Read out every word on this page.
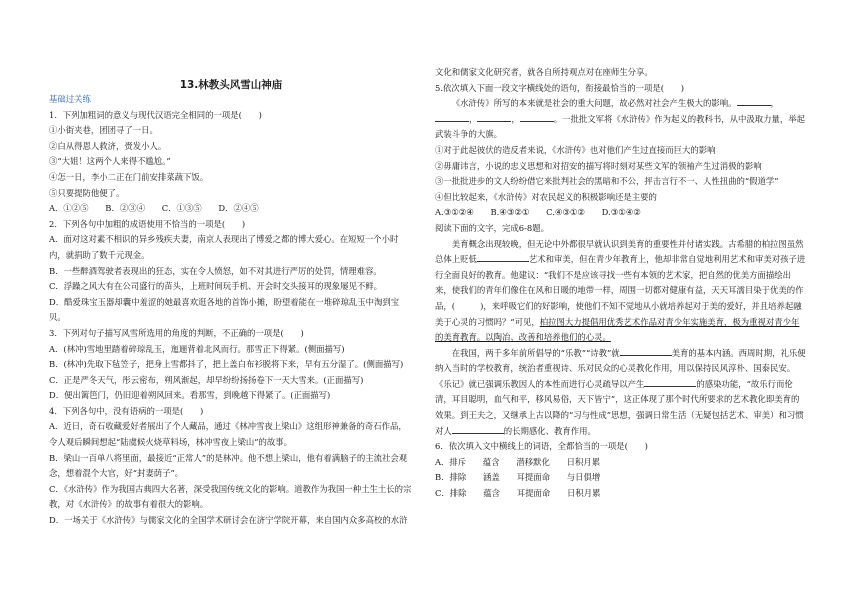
13.林教头风雪山神庙

基础过关练

1．下列加粗词的意义与现代汉语完全相同的一项是(　　)

①小街夹巷，团团寻了一日。

②白从得恩人救济，赍发小人。

③“大姐！这两个人来得不尴尬。”

④怎一日，李小二正在门前安排菜蔬下饭。

⑤只要提防他便了。

A．①②⑤　　B．②③④　　C．①③⑤　　D．②④⑤

2．下列各句中加粗的成语使用不恰当的一项是(　　)

A．面对这对素不相识的异乡残疾夫妻，南京人表现出了博爱之都的博大爱心。在短短一个小时内，就捐助了数千元现金。

B．一些醉酒驾驶者表现出的狂态，实在令人愤怒，如不对其进行严厉的处罚，情理难容。

C．浮躁之风大有在公司盛行的苗头，上班时间玩手机、开会时交头接耳的现象屡见不鲜。

D．酷爱珠宝玉器却囊中羞涩的她最喜欢逛各地的首饰小摊，盼望着能在一堆碎琼乱玉中淘到宝贝。

3．下列对句子描写风雪所选用的角度的判断，不正确的一项是(　　)

A．(林冲)雪地里踏着碎琼乱玉，迤逦背着北风而行。那雪正下得紧。(侧面描写)

B．(林冲)先取下毡笠子，把身上雪都抖了，把上盖白布衫脱将下来，早有五分湿了。(侧面描写)

C．正是严冬天气，彤云密布，朔风渐起，却早纷纷扬扬卷下一天大雪来。(正面描写)

D．便出篱笆门，仍旧迎着朔风回来。看那雪，到晚越下得紧了。(正面描写)

4．下列各句中，没有语病的一项是(　　)

A．近日，奇石收藏爱好者展出了个人藏品，通过《林冲雪夜上梁山》这组形神兼备的奇石作品，令人观后瞬间想起“陆虞候火烧草料场，林冲雪夜上梁山”的故事。

B．梁山一百单八将里面，最接近“正常人”的是林冲。他不想上梁山，他有着满脑子的主流社会观念，想着混个大官，好“封妻荫子”。

C．《水浒传》作为我国古典四大名著，深受我国传统文化的影响。道教作为我国一种土生土长的宗教，对《水浒传》的故事有着很大的影响。

D．一场关于《水浒传》与儒家文化的全国学术研讨会在济宁学院开幕，来自国内众多高校的水浒

文化和儒家文化研究者，就各自所持观点对在座师生分享。

5.依次填入下面一段文字横线处的语句，衔接最恰当的一项是(　　)

《水浒传》所写的本来就是社会的重大问题，故必然对社会产生极大的影响。	，，	，	。一批批文军将《水浒传》作为起义的教科书，从中汲取力量，举起武装斗争的大旗。

①对于此起彼伏的造反者来说，《水浒传》也对他们产生过直接而巨大的影响

②毋庸讳言，小说的忠义思想和对招安的描写将时刻对某些文军的领袖产生过消极的影响

③一批批进步的文人纷纷借它来批判社会的黑暗和不公，抨击言行不一、人性扭曲的“假道学”

④但比较起来，《水浒传》对农民起义的积极影响还是主要的

A.③①②④　　B.④③②①　　C.④③①②　　D.③①④②

阅读下面的文字，完成6-8题。

美育概念出现较晚，但无论中外都很早就认识到美育的重要性并付诸实践。古希腊的柏拉图虽然总体上贬低	艺术和审美，但在青少年教育上，他却非常自觉地利用艺术和审美对孩子进行全面良好的教育。他建议：“我们不是应该寻找一些有本领的艺术家，把自然的优美方面描绘出来，使我们的青年们像住在风和日暖的地带一样，周围一切都对健康有益，天天耳濡目染于优美的作品，(　　　)，来呼吸它们的好影响，使他们不知不觉地从小就培养起对于美的爱好，并且培养起融美于心灵的习惯吗？”可见，柏拉图大力提倡用优秀艺术作品对青少年实施美育，极为重视对青少年的美育教育。以陶冶、改善和培养他们的心灵。

在我国，两千多年前所倡导的“乐教”“诗教”就	美育的基本内涵。西周时期，礼乐便纳入当时的学校教育，统治者重视诗、乐对民众的心灵教化作用，用以保持民风淳朴、国泰民安。《乐记》就已强调乐教因人的本性而进行心灵疏导以产生	的感染功能，“故乐行而伦清，耳目聪明，血气和平，移风易俗，天下皆宁”，这正体现了那个时代所要求的艺术教化即美育的效果。到王夫之，又继承上古以降的“习与性成”思想，强调日常生活（无疑包括艺术、审美）和习惯对人	的长期感化、教育作用。

6．依次填入文中横线上的词语，全都恰当的一项是(　　)

A．排斥　　蕴含　　潜移默化　　日积月累

B．排除　　涵盖　　耳提面命　　与日俱增

C．排除　　蕴含　　耳提面命　　日积月累
